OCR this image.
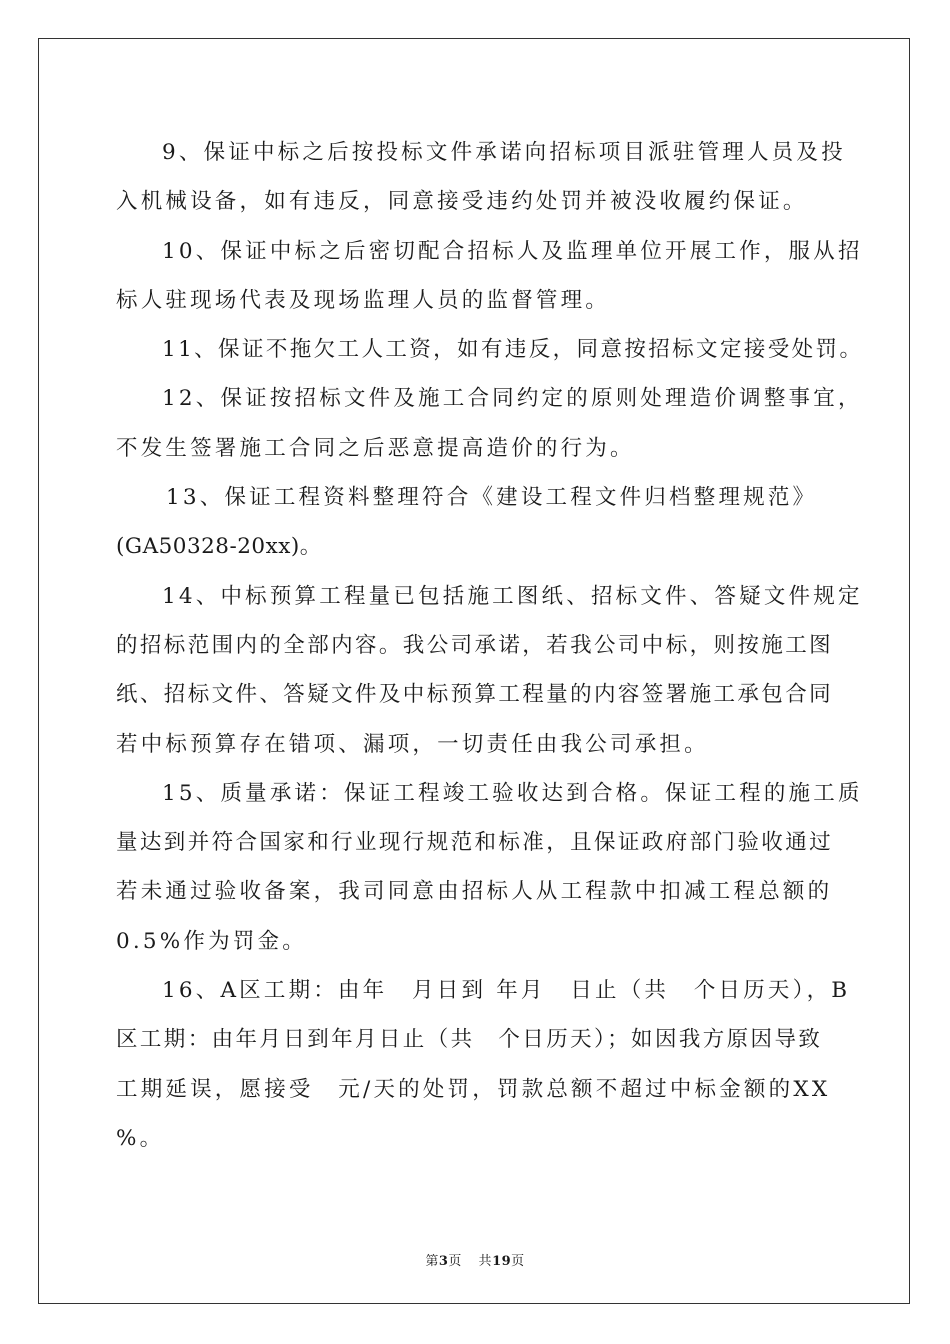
9、保证中标之后按投标文件承诺向招标项目派驻管理人员及投
入机械设备，如有违反，同意接受违约处罚并被没收履约保证。
10、保证中标之后密切配合招标人及监理单位开展工作，服从招
标人驻现场代表及现场监理人员的监督管理。
11、保证不拖欠工人工资，如有违反，同意按招标文定接受处罚。
12、保证按招标文件及施工合同约定的原则处理造价调整事宜，
不发生签署施工合同之后恶意提高造价的行为。
13、保证工程资料整理符合《建设工程文件归档整理规范》
(GA50328-20xx)。
14、中标预算工程量已包括施工图纸、招标文件、答疑文件规定
的招标范围内的全部内容。我公司承诺，若我公司中标，则按施工图
纸、招标文件、答疑文件及中标预算工程量的内容签署施工承包合同
若中标预算存在错项、漏项，一切责任由我公司承担。
15、质量承诺：保证工程竣工验收达到合格。保证工程的施工质
量达到并符合国家和行业现行规范和标准，且保证政府部门验收通过
若未通过验收备案，我司同意由招标人从工程款中扣减工程总额的
0.5%作为罚金。
16、A区工期：由年　月日到 年月　日止（共　个日历天），B
区工期：由年月日到年月日止（共　个日历天）；如因我方原因导致
工期延误，愿接受　元/天的处罚，罚款总额不超过中标金额的XX
%。
第3页 共19页
